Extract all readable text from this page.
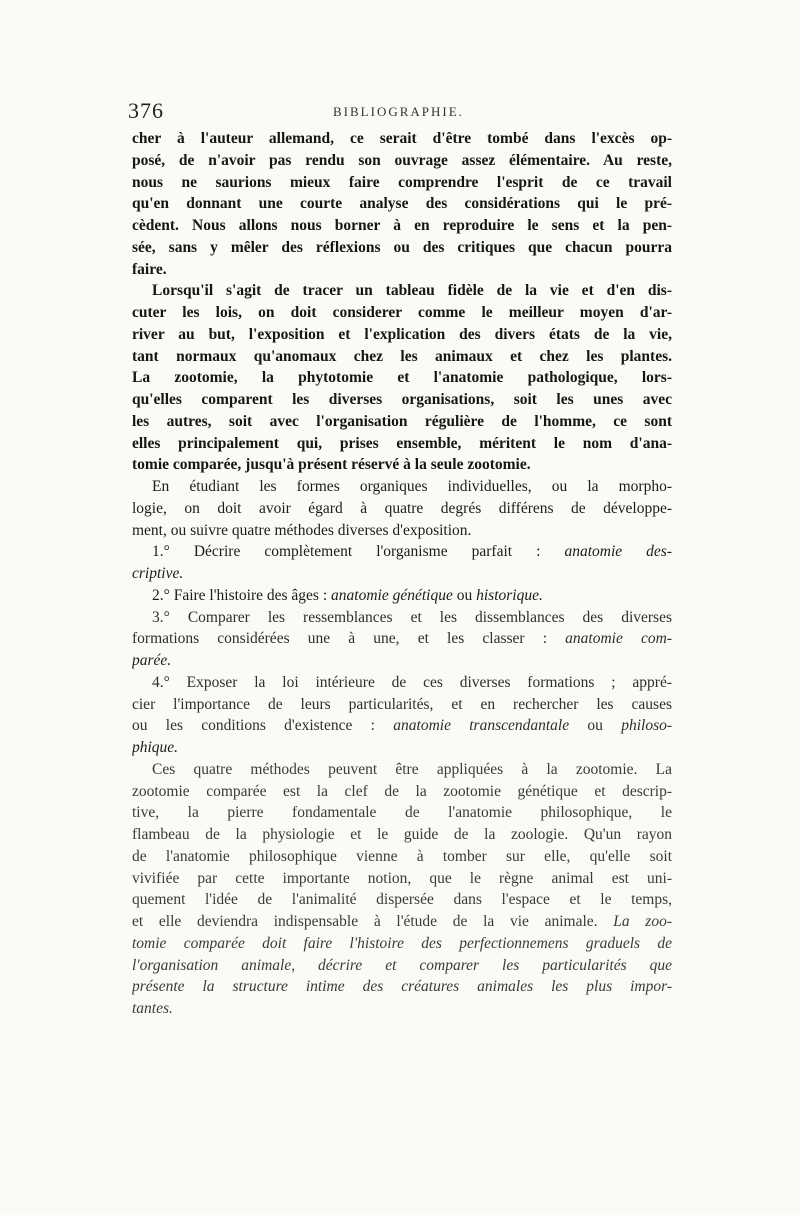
376	BIBLIOGRAPHIE.
cher à l'auteur allemand, ce serait d'être tombé dans l'excès op-
posé, de n'avoir pas rendu son ouvrage assez élémentaire. Au reste,
nous ne saurions mieux faire comprendre l'esprit de ce travail
qu'en donnant une courte analyse des considérations qui le pré-
cèdent. Nous allons nous borner à en reproduire le sens et la pen-
sée, sans y mêler des réflexions ou des critiques que chacun pourra
faire.
Lorsqu'il s'agit de tracer un tableau fidèle de la vie et d'en dis-
cuter les lois, on doit considerer comme le meilleur moyen d'ar-
river au but, l'exposition et l'explication des divers états de la vie,
tant normaux qu'anomaux chez les animaux et chez les plantes.
La zootomie, la phytotomie et l'anatomie pathologique, lors-
qu'elles comparent les diverses organisations, soit les unes avec
les autres, soit avec l'organisation régulière de l'homme, ce sont
elles principalement qui, prises ensemble, méritent le nom d'ana-
tomie comparée, jusqu'à présent réservé à la seule zootomie.
En étudiant les formes organiques individuelles, ou la morpho-
logie, on doit avoir égard à quatre degrés différens de développe-
ment, ou suivre quatre méthodes diverses d'exposition.
1.° Décrire complètement l'organisme parfait : anatomie des-
criptive.
2.° Faire l'histoire des âges : anatomie génétique ou historique.
3.° Comparer les ressemblances et les dissemblances des diverses
formations considérées une à une, et les classer : anatomie com-
parée.
4.° Exposer la loi intérieure de ces diverses formations ; appré-
cier l'importance de leurs particularités, et en rechercher les causes
ou les conditions d'existence : anatomie transcendantale ou philoso-
phique.
Ces quatre méthodes peuvent être appliquées à la zootomie. La
zootomie comparée est la clef de la zootomie génétique et descrip-
tive, la pierre fondamentale de l'anatomie philosophique, le
flambeau de la physiologie et le guide de la zoologie. Qu'un rayon
de l'anatomie philosophique vienne à tomber sur elle, qu'elle soit
vivifiée par cette importante notion, que le règne animal est uni-
quement l'idée de l'animalité dispersée dans l'espace et le temps,
et elle deviendra indispensable à l'étude de la vie animale. La zoo-
tomie comparée doit faire l'histoire des perfectionnemens graduels de
l'organisation animale, décrire et comparer les particularités que
présente la structure intime des créatures animales les plus impor-
tantes.
